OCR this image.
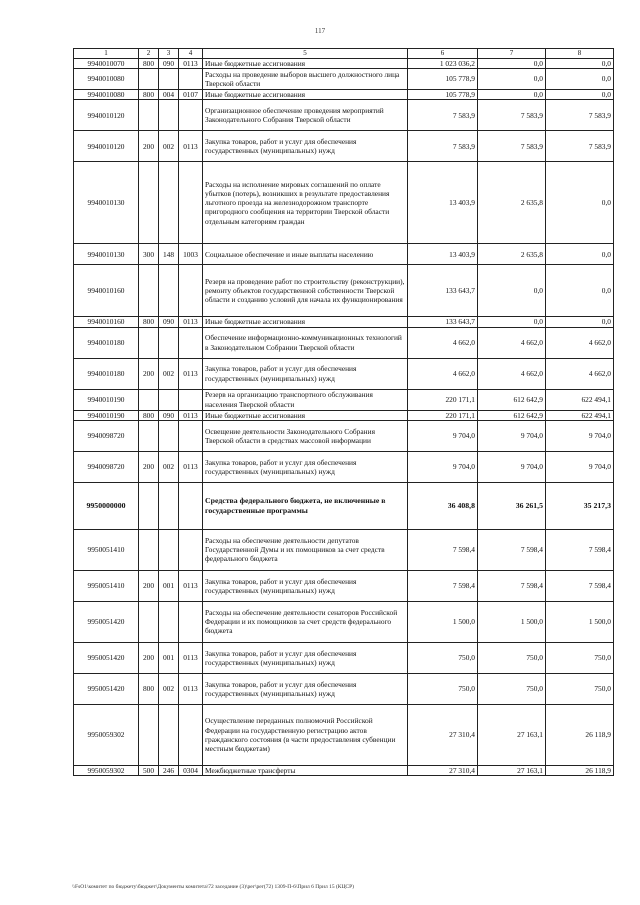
117
1	2	3	4	5	6	7	8
9940010070	800	090	0113	Иные бюджетные ассигнования	1 023 036,2	0,0	0,0
9940010080				Расходы на проведение выборов высшего должностного лица Тверской области	105 778,9	0,0	0,0
9940010080	800	004	0107	Иные бюджетные ассигнования	105 778,9	0,0	0,0
9940010120				Организационное обеспечение проведения мероприятий Законодательного Собрания Тверской области	7 583,9	7 583,9	7 583,9
9940010120	200	002	0113	Закупка товаров, работ и услуг для обеспечения государственных (муниципальных) нужд	7 583,9	7 583,9	7 583,9
9940010130				Расходы на исполнение мировых соглашений по оплате убытков (потерь), возникших в результате предоставления льготного проезда на железнодорожном транспорте пригородного сообщения на территории Тверской области отдельным категориям граждан	13 403,9	2 635,8	0,0
9940010130	300	148	1003	Социальное обеспечение и иные выплаты населению	13 403,9	2 635,8	0,0
9940010160				Резерв на проведение работ по строительству (реконструкции), ремонту объектов государственной собственности Тверской области и созданию условий для начала их функционирования	133 643,7	0,0	0,0
9940010160	800	090	0113	Иные бюджетные ассигнования	133 643,7	0,0	0,0
9940010180				Обеспечение информационно-коммуникационных технологий в Законодательном Собрании Тверской области	4 662,0	4 662,0	4 662,0
9940010180	200	002	0113	Закупка товаров, работ и услуг для обеспечения государственных (муниципальных) нужд	4 662,0	4 662,0	4 662,0
9940010190				Резерв на организацию транспортного обслуживания населения Тверской области	220 171,1	612 642,9	622 494,1
9940010190	800	090	0113	Иные бюджетные ассигнования	220 171,1	612 642,9	622 494,1
9940098720				Освещение деятельности Законодательного Собрания Тверской области в средствах массовой информации	9 704,0	9 704,0	9 704,0
9940098720	200	002	0113	Закупка товаров, работ и услуг для обеспечения государственных (муниципальных) нужд	9 704,0	9 704,0	9 704,0
9950000000				Средства федерального бюджета, не включенные в государственные программы	36 408,8	36 261,5	35 217,3
9950051410				Расходы на обеспечение деятельности депутатов Государственной Думы и их помощников за счет средств федерального бюджета	7 598,4	7 598,4	7 598,4
9950051410	200	001	0113	Закупка товаров, работ и услуг для обеспечения государственных (муниципальных) нужд	7 598,4	7 598,4	7 598,4
9950051420				Расходы на обеспечение деятельности сенаторов Российской Федерации и их помощников за счет средств федерального бюджета	1 500,0	1 500,0	1 500,0
9950051420	200	001	0113	Закупка товаров, работ и услуг для обеспечения государственных (муниципальных) нужд	750,0	750,0	750,0
9950051420	800	002	0113	Закупка товаров, работ и услуг для обеспечения государственных (муниципальных) нужд	750,0	750,0	750,0
9950059302				Осуществление переданных полномочий Российской Федерации на государственную регистрацию актов гражданского состояния (в части предоставления субвенции местным бюджетам)	27 310,4	27 163,1	26 118,9
9950059302	500	246	0304	Межбюджетные трансферты	27 310,4	27 163,1	26 118,9
\\FsO1\комитет по бюджету\бюджет\Документы комитета\72 заседание (3)\рег\рег(72) 1309-П-6\Прил 6 Прил 15 (КЦСР)
